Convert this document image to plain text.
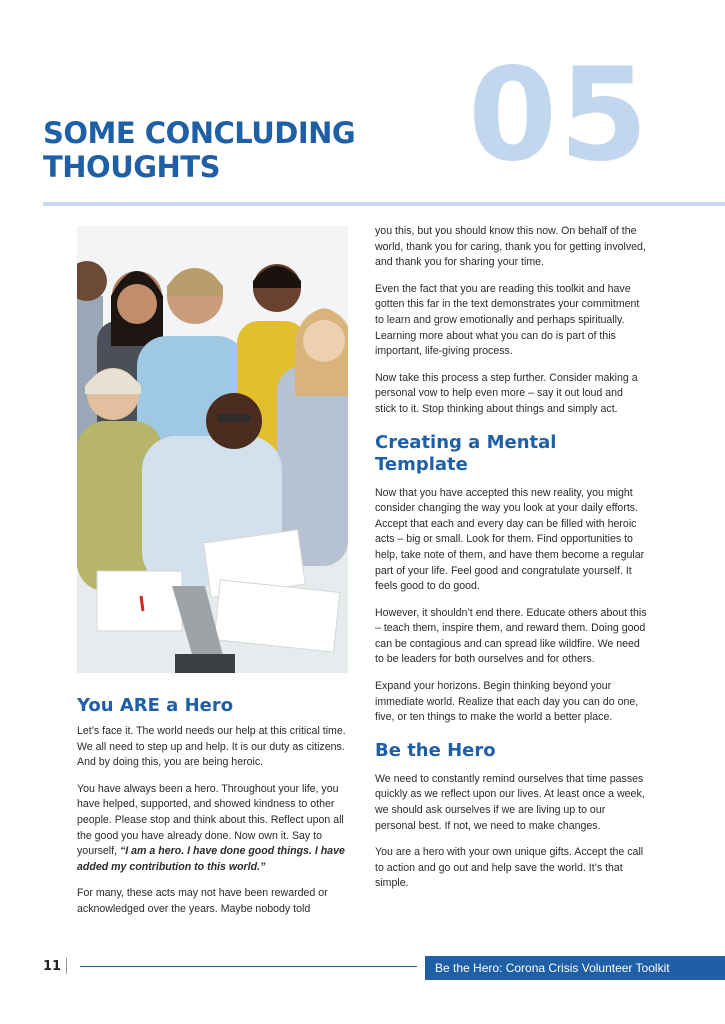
05
SOME CONCLUDING
THOUGHTS
You ARE a Hero

Let’s face it. The world needs our help at this critical time. We all need to step up and help. It is our duty as citizens. And by doing this, you are being heroic.

You have always been a hero. Throughout your life, you have helped, supported, and showed kindness to other people. Please stop and think about this. Reflect upon all the good you have already done. Now own it. Say to yourself, “I am a hero. I have done good things. I have added my contribution to this world.”

For many, these acts may not have been rewarded or acknowledged over the years. Maybe nobody told

you this, but you should know this now. On behalf of the world, thank you for caring, thank you for getting involved, and thank you for sharing your time.

Even the fact that you are reading this toolkit and have gotten this far in the text demonstrates your commitment to learn and grow emotionally and perhaps spiritually. Learning more about what you can do is part of this important, life-giving process.

Now take this process a step further. Consider making a personal vow to help even more – say it out loud and stick to it. Stop thinking about things and simply act.

Creating a Mental Template

Now that you have accepted this new reality, you might consider changing the way you look at your daily efforts. Accept that each and every day can be filled with heroic acts – big or small. Look for them. Find opportunities to help, take note of them, and have them become a regular part of your life. Feel good and congratulate yourself. It feels good to do good.

However, it shouldn’t end there. Educate others about this – teach them, inspire them, and reward them. Doing good can be contagious and can spread like wildfire. We need to be leaders for both ourselves and for others.

Expand your horizons. Begin thinking beyond your immediate world. Realize that each day you can do one, five, or ten things to make the world a better place.

Be the Hero

We need to constantly remind ourselves that time passes quickly as we reflect upon our lives. At least once a week, we should ask ourselves if we are living up to our personal best. If not, we need to make changes.

You are a hero with your own unique gifts. Accept the call to action and go out and help save the world. It’s that simple.

11	Be the Hero: Corona Crisis Volunteer Toolkit
